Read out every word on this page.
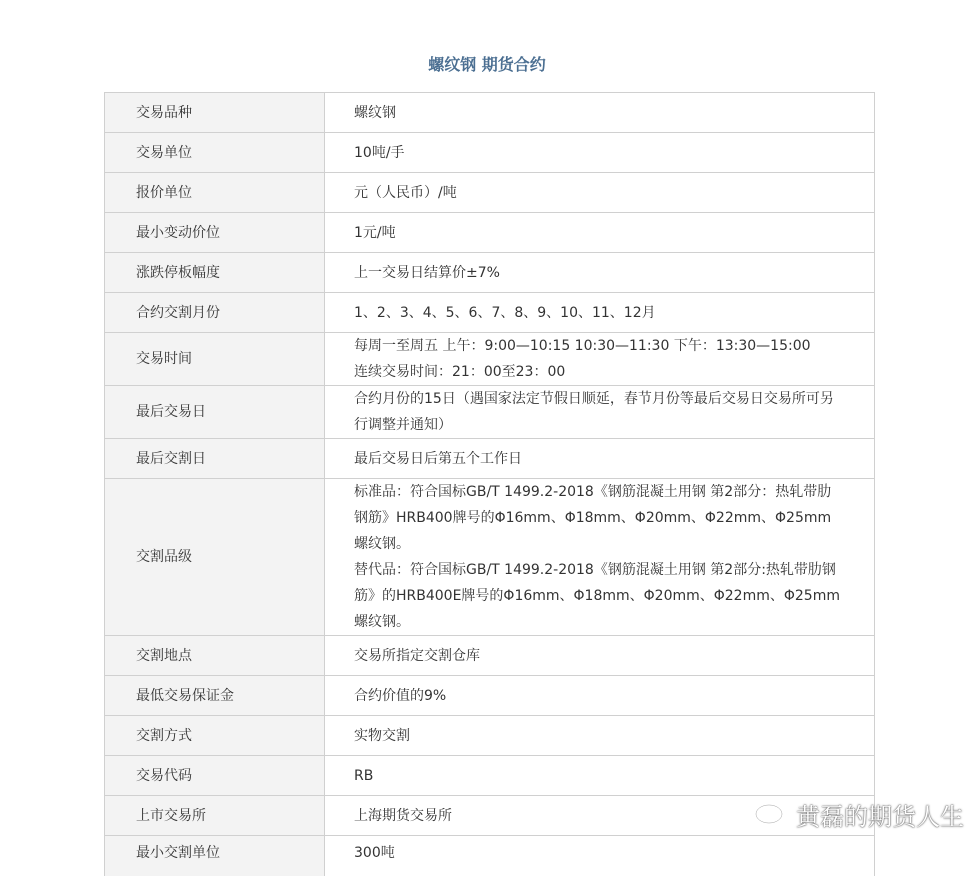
螺纹钢 期货合约
交易品种	螺纹钢
交易单位	10吨/手
报价单位	元（人民币）/吨
最小变动价位	1元/吨
涨跌停板幅度	上一交易日结算价±7%
合约交割月份	1、2、3、4、5、6、7、8、9、10、11、12月
交易时间	每周一至周五 上午：9:00—10:15 10:30—11:30 下午：13:30—15:00
连续交易时间：21：00至23：00

最后交易日	合约月份的15日（遇国家法定节假日顺延，春节月份等最后交易日交易所可另行调整并通知）
最后交割日	最后交易日后第五个工作日
交割品级	标准品：符合国标GB/T 1499.2-2018《钢筋混凝土用钢 第2部分：热轧带肋钢筋》HRB400牌号的Φ16mm、Φ18mm、Φ20mm、Φ22mm、Φ25mm螺纹钢。
替代品：符合国标GB/T 1499.2-2018《钢筋混凝土用钢 第2部分:热轧带肋钢筋》的HRB400E牌号的Φ16mm、Φ18mm、Φ20mm、Φ22mm、Φ25mm螺纹钢。

交割地点	交易所指定交割仓库
最低交易保证金	合约价值的9%
交割方式	实物交割
交易代码	RB
上市交易所	上海期货交易所
最小交割单位	300吨
黄磊的期货人生
